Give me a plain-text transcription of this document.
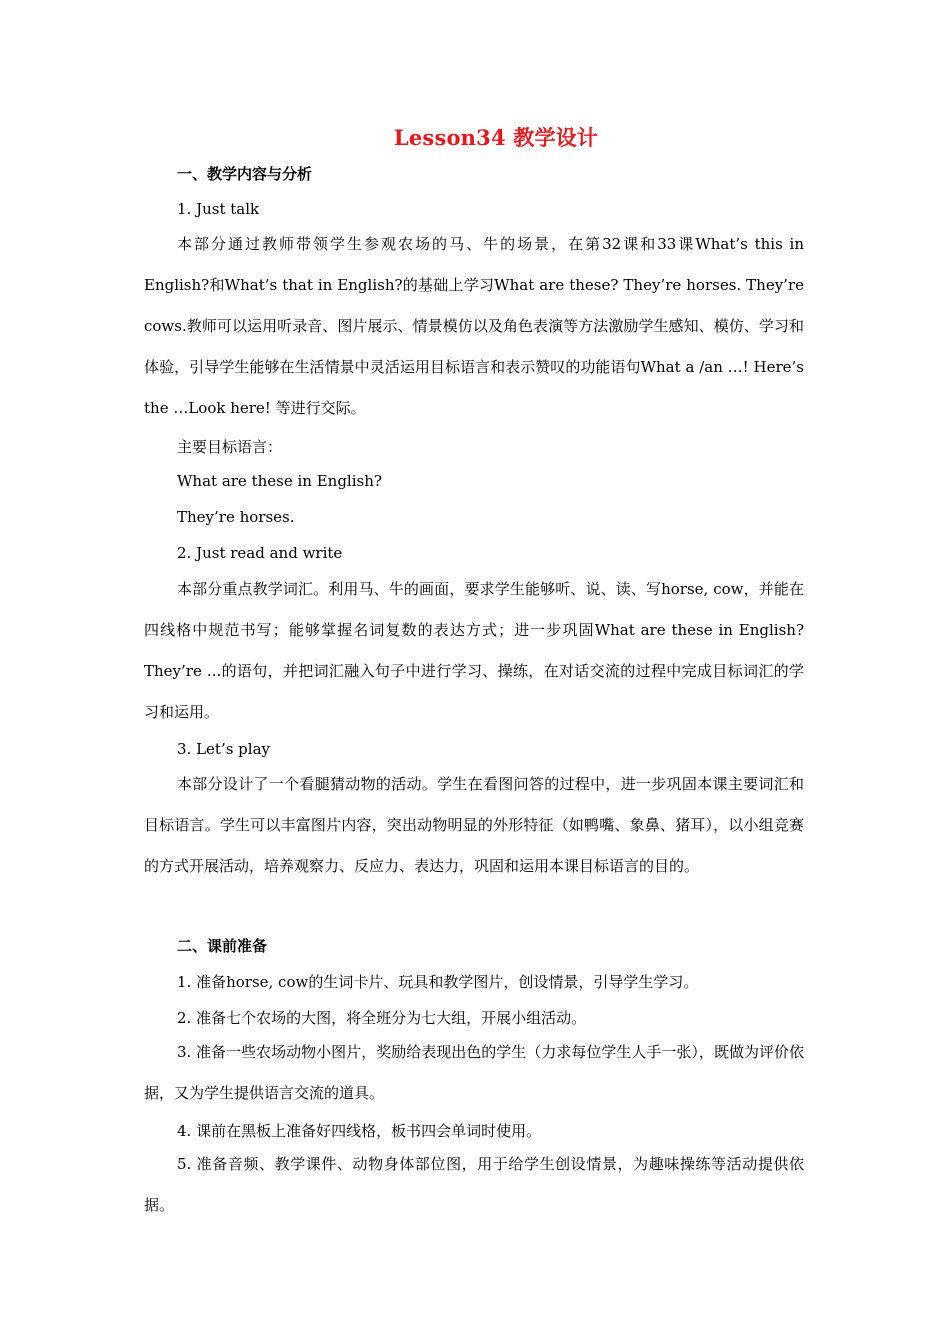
Lesson34 教学设计
一、教学内容与分析
1. Just talk
本部分通过教师带领学生参观农场的马、牛的场景，在第32课和33课What’s this in English?和What’s that in English?的基础上学习What are these? They’re horses. They’re cows.教师可以运用听录音、图片展示、情景模仿以及角色表演等方法激励学生感知、模仿、学习和体验，引导学生能够在生活情景中灵活运用目标语言和表示赞叹的功能语句What a /an …! Here’s the …Look here! 等进行交际。
主要目标语言：
What are these in English?
They’re horses.
2. Just read and write
本部分重点教学词汇。利用马、牛的画面，要求学生能够听、说、读、写horse, cow，并能在四线格中规范书写；能够掌握名词复数的表达方式；进一步巩固What are these in English? They’re ...的语句，并把词汇融入句子中进行学习、操练，在对话交流的过程中完成目标词汇的学习和运用。
3. Let’s play
本部分设计了一个看腿猜动物的活动。学生在看图问答的过程中，进一步巩固本课主要词汇和目标语言。学生可以丰富图片内容，突出动物明显的外形特征（如鸭嘴、象鼻、猪耳），以小组竞赛的方式开展活动，培养观察力、反应力、表达力，巩固和运用本课目标语言的目的。
二、课前准备
1. 准备horse, cow的生词卡片、玩具和教学图片，创设情景，引导学生学习。
2. 准备七个农场的大图，将全班分为七大组，开展小组活动。
3. 准备一些农场动物小图片，奖励给表现出色的学生（力求每位学生人手一张），既做为评价依据，又为学生提供语言交流的道具。
4. 课前在黑板上准备好四线格，板书四会单词时使用。
5. 准备音频、教学课件、动物身体部位图，用于给学生创设情景，为趣味操练等活动提供依据。
